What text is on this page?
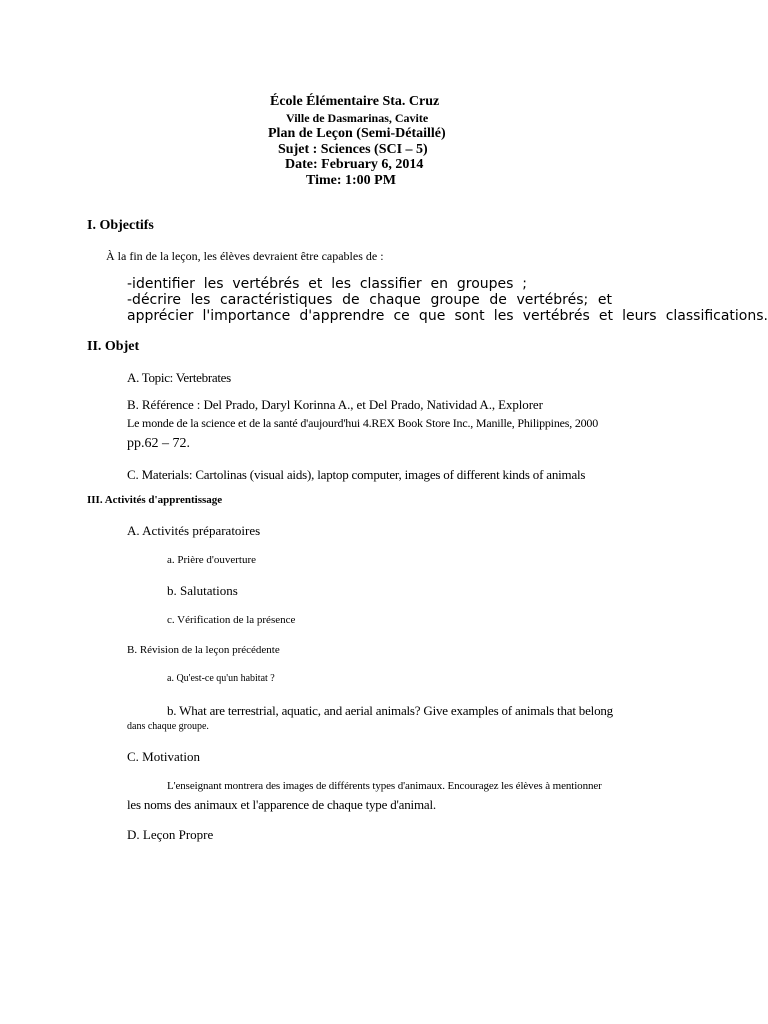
École Élémentaire Sta. Cruz
Ville de Dasmarinas, Cavite
Plan de Leçon (Semi-Détaillé)
Sujet : Sciences (SCI – 5)
Date: February 6, 2014
Time: 1:00 PM
I. Objectifs
À la fin de la leçon, les élèves devraient être capables de :
-identifier les vertébrés et les classifier en groupes ;
-décrire les caractéristiques de chaque groupe de vertébrés; et
apprécier l'importance d'apprendre ce que sont les vertébrés et leurs classifications.
II. Objet
A. Topic: Vertebrates
B. Référence : Del Prado, Daryl Korinna A., et Del Prado, Natividad A., Explorer
Le monde de la science et de la santé d'aujourd'hui 4.REX Book Store Inc., Manille, Philippines, 2000
pp.62 – 72.
C. Materials: Cartolinas (visual aids), laptop computer, images of different kinds of animals
III. Activités d'apprentissage
A. Activités préparatoires
a. Prière d'ouverture
b. Salutations
c. Vérification de la présence
B. Révision de la leçon précédente
a. Qu'est-ce qu'un habitat ?
b. What are terrestrial, aquatic, and aerial animals? Give examples of animals that belong
dans chaque groupe.
C. Motivation
L'enseignant montrera des images de différents types d'animaux. Encouragez les élèves à mentionner
les noms des animaux et l'apparence de chaque type d'animal.
D. Leçon Propre
